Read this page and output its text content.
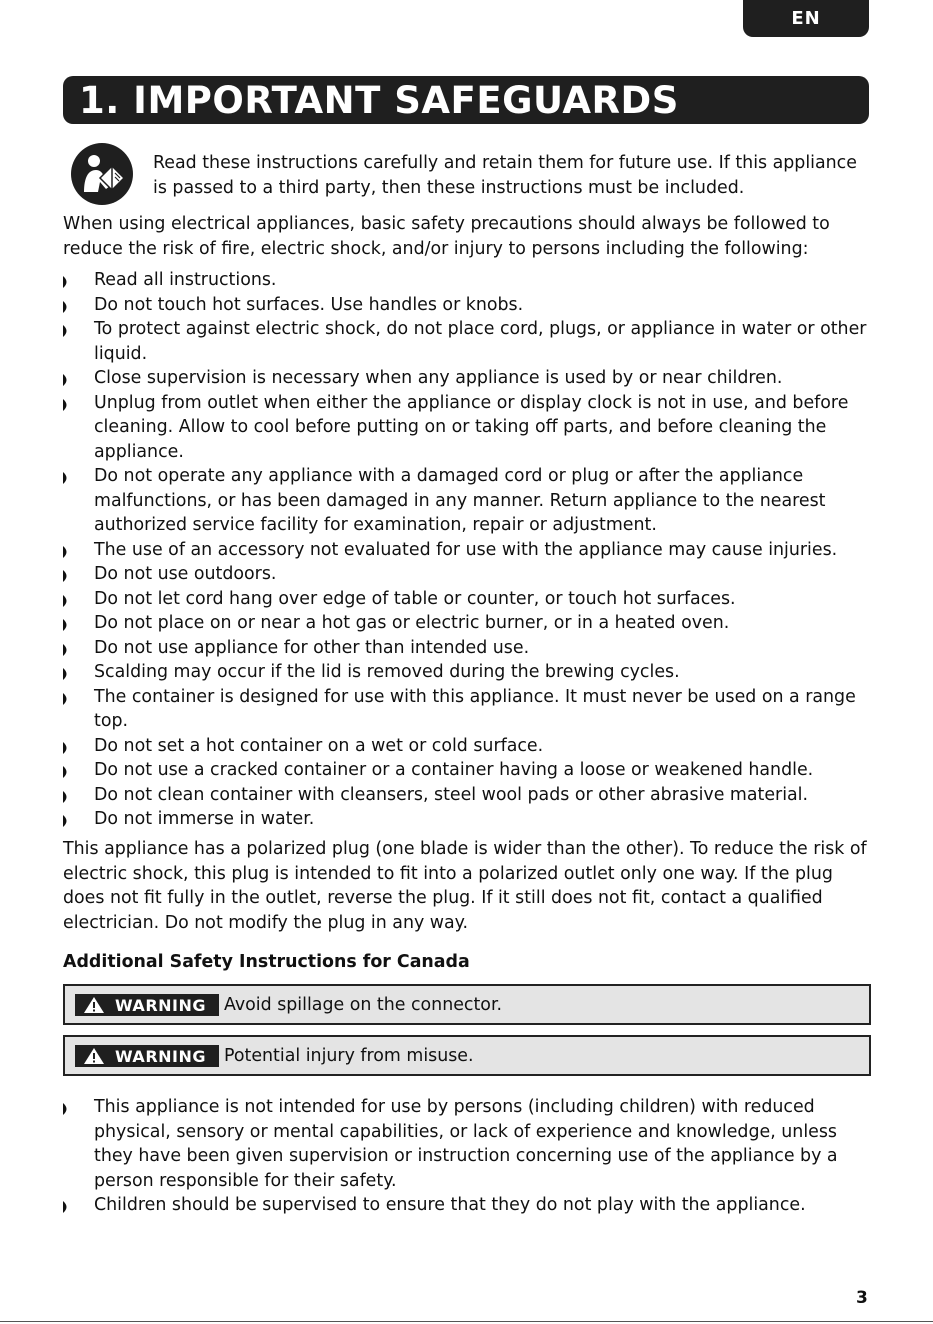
EN
1. IMPORTANT SAFEGUARDS
Read these instructions carefully and retain them for future use. If this appliance is passed to a third party, then these instructions must be included.
When using electrical appliances, basic safety precautions should always be followed to reduce the risk of fire, electric shock, and/or injury to persons including the following:
Read all instructions.
Do not touch hot surfaces. Use handles or knobs.
To protect against electric shock, do not place cord, plugs, or appliance in water or other liquid.
Close supervision is necessary when any appliance is used by or near children.
Unplug from outlet when either the appliance or display clock is not in use, and before cleaning. Allow to cool before putting on or taking off parts, and before cleaning the appliance.
Do not operate any appliance with a damaged cord or plug or after the appliance malfunctions, or has been damaged in any manner. Return appliance to the nearest authorized service facility for examination, repair or adjustment.
The use of an accessory not evaluated for use with the appliance may cause injuries.
Do not use outdoors.
Do not let cord hang over edge of table or counter, or touch hot surfaces.
Do not place on or near a hot gas or electric burner, or in a heated oven.
Do not use appliance for other than intended use.
Scalding may occur if the lid is removed during the brewing cycles.
The container is designed for use with this appliance. It must never be used on a range top.
Do not set a hot container on a wet or cold surface.
Do not use a cracked container or a container having a loose or weakened handle.
Do not clean container with cleansers, steel wool pads or other abrasive material.
Do not immerse in water.
This appliance has a polarized plug (one blade is wider than the other). To reduce the risk of electric shock, this plug is intended to fit into a polarized outlet only one way. If the plug does not fit fully in the outlet, reverse the plug. If it still does not fit, contact a qualified electrician. Do not modify the plug in any way.
Additional Safety Instructions for Canada
WARNING Avoid spillage on the connector.
WARNING Potential injury from misuse.
This appliance is not intended for use by persons (including children) with reduced physical, sensory or mental capabilities, or lack of experience and knowledge, unless they have been given supervision or instruction concerning use of the appliance by a person responsible for their safety.
Children should be supervised to ensure that they do not play with the appliance.
3
